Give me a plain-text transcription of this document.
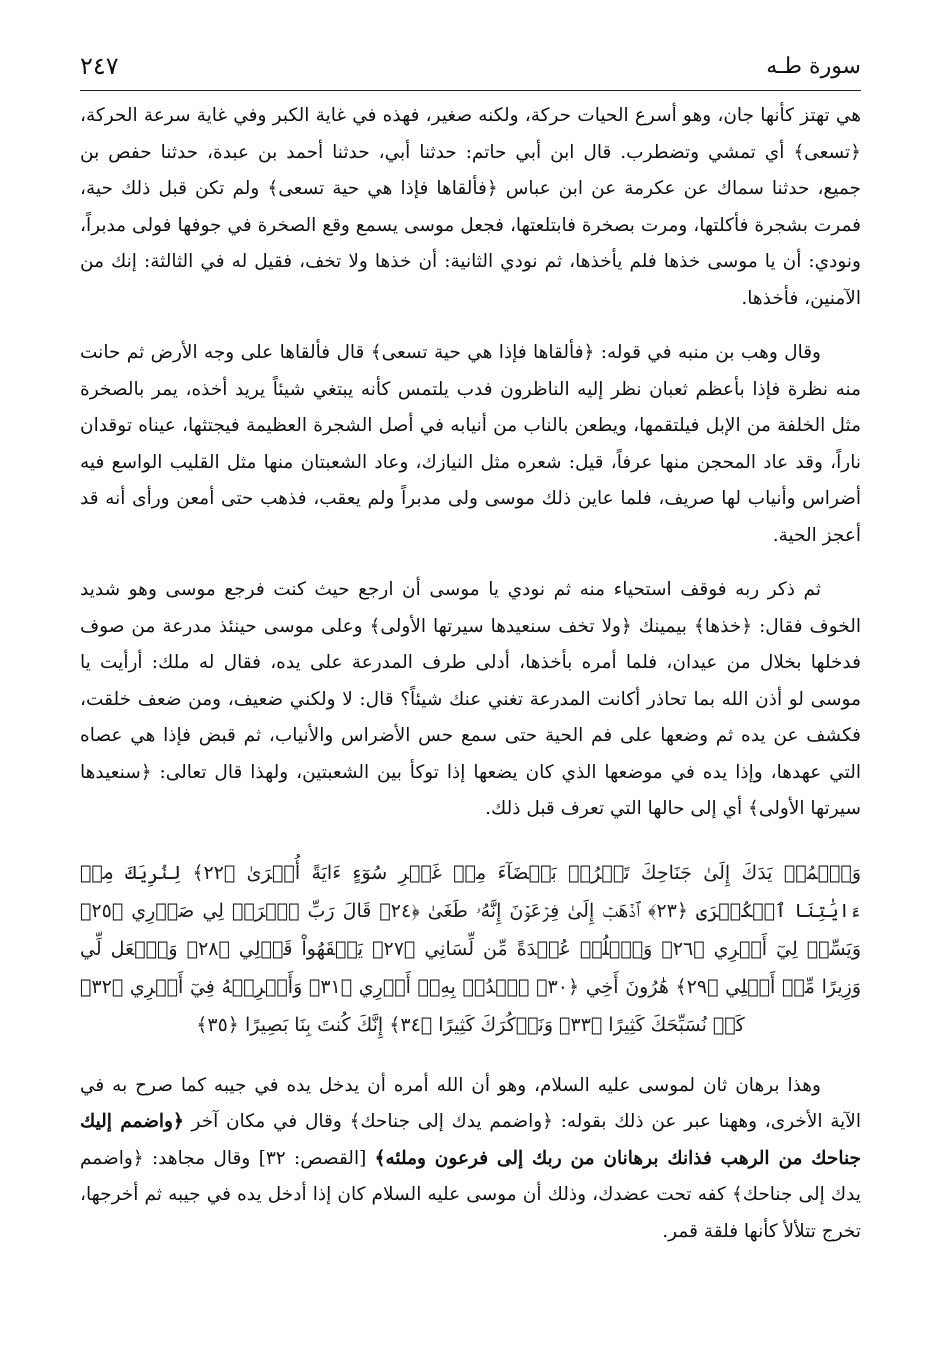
سورة طـه
٢٤٧

هي تهتز كأنها جان، وهو أسرع الحيات حركة، ولكنه صغير، فهذه في غاية الكبر وفي غاية سرعة الحركة، ﴿تسعى﴾ أي تمشي وتضطرب. قال ابن أبي حاتم: حدثنا أبي، حدثنا أحمد بن عبدة، حدثنا حفص بن جميع، حدثنا سماك عن عكرمة عن ابن عباس ﴿فألقاها فإذا هي حية تسعى﴾ ولم تكن قبل ذلك حية، فمرت بشجرة فأكلتها، ومرت بصخرة فابتلعتها، فجعل موسى يسمع وقع الصخرة في جوفها فولى مدبراً، ونودي: أن يا موسى خذها فلم يأخذها، ثم نودي الثانية: أن خذها ولا تخف، فقيل له في الثالثة: إنك من الآمنين، فأخذها.

وقال وهب بن منبه في قوله: ﴿فألقاها فإذا هي حية تسعى﴾ قال فألقاها على وجه الأرض ثم حانت منه نظرة فإذا بأعظم ثعبان نظر إليه الناظرون فدب يلتمس كأنه يبتغي شيئاً يريد أخذه، يمر بالصخرة مثل الخلفة من الإبل فيلتقمها، ويطعن بالناب من أنيابه في أصل الشجرة العظيمة فيجتثها، عيناه توقدان ناراً، وقد عاد المحجن منها عرفاً، قيل: شعره مثل النيازك، وعاد الشعبتان منها مثل القليب الواسع فيه أضراس وأنياب لها صريف، فلما عاين ذلك موسى ولى مدبراً ولم يعقب، فذهب حتى أمعن ورأى أنه قد أعجز الحية.

ثم ذكر ربه فوقف استحياء منه ثم نودي يا موسى أن ارجع حيث كنت فرجع موسى وهو شديد الخوف فقال: ﴿خذها﴾ بيمينك ﴿ولا تخف سنعيدها سيرتها الأولى﴾ وعلى موسى حينئذ مدرعة من صوف فدخلها بخلال من عيدان، فلما أمره بأخذها، أدلى طرف المدرعة على يده، فقال له ملك: أرأيت يا موسى لو أذن الله بما تحاذر أكانت المدرعة تغني عنك شيئاً؟ قال: لا ولكني ضعيف، ومن ضعف خلقت، فكشف عن يده ثم وضعها على فم الحية حتى سمع حس الأضراس والأنياب، ثم قبض فإذا هي عصاه التي عهدها، وإذا يده في موضعها الذي كان يضعها إذا توكأ بين الشعبتين، ولهذا قال تعالى: ﴿سنعيدها سيرتها الأولى﴾ أي إلى حالها التي تعرف قبل ذلك.

وَٱضۡمُمۡ يَدَكَ إِلَىٰ جَنَاحِكَ تَخۡرُجۡ بَيۡضَآءَ مِنۡ غَيۡرِ سُوٓءٍ ءَايَةً أُخۡرَىٰ ﴿٢٢﴾ لِنُرِيَكَ مِنۡ ءَايَٰتِنَا ٱلۡكُبۡرَى ﴿٢٣﴾ ٱذۡهَبۡ إِلَىٰ فِرۡعَوۡنَ إِنَّهُۥ طَغَىٰ ﴿٢٤﴾ قَالَ رَبِّ ٱشۡرَحۡ لِي صَدۡرِي ﴿٢٥﴾ وَيَسِّرۡ لِيٓ أَمۡرِي ﴿٢٦﴾ وَٱحۡلُلۡ عُقۡدَةً مِّن لِّسَانِي ﴿٢٧﴾ يَفۡقَهُواْ قَوۡلِي ﴿٢٨﴾ وَٱجۡعَل لِّي وَزِيرًا مِّنۡ أَهۡلِي ﴿٢٩﴾ هَٰرُونَ أَخِي ﴿٣٠﴾ ٱشۡدُدۡ بِهِۦٓ أَزۡرِي ﴿٣١﴾ وَأَشۡرِكۡهُ فِيٓ أَمۡرِي ﴿٣٢﴾ كَيۡ نُسَبِّحَكَ كَثِيرًا ﴿٣٣﴾ وَنَذۡكُرَكَ كَثِيرًا ﴿٣٤﴾ إِنَّكَ كُنتَ بِنَا بَصِيرًا ﴿٣٥﴾

وهذا برهان ثان لموسى عليه السلام، وهو أن الله أمره أن يدخل يده في جيبه كما صرح به في الآية الأخرى، وههنا عبر عن ذلك بقوله: ﴿واضمم يدك إلى جناحك﴾ وقال في مكان آخر ﴿واضمم إليك جناحك من الرهب فذانك برهانان من ربك إلى فرعون وملئه﴾ [القصص: ٣٢] وقال مجاهد: ﴿واضمم يدك إلى جناحك﴾ كفه تحت عضدك، وذلك أن موسى عليه السلام كان إذا أدخل يده في جيبه ثم أخرجها، تخرج تتلألأ كأنها فلقة قمر.
